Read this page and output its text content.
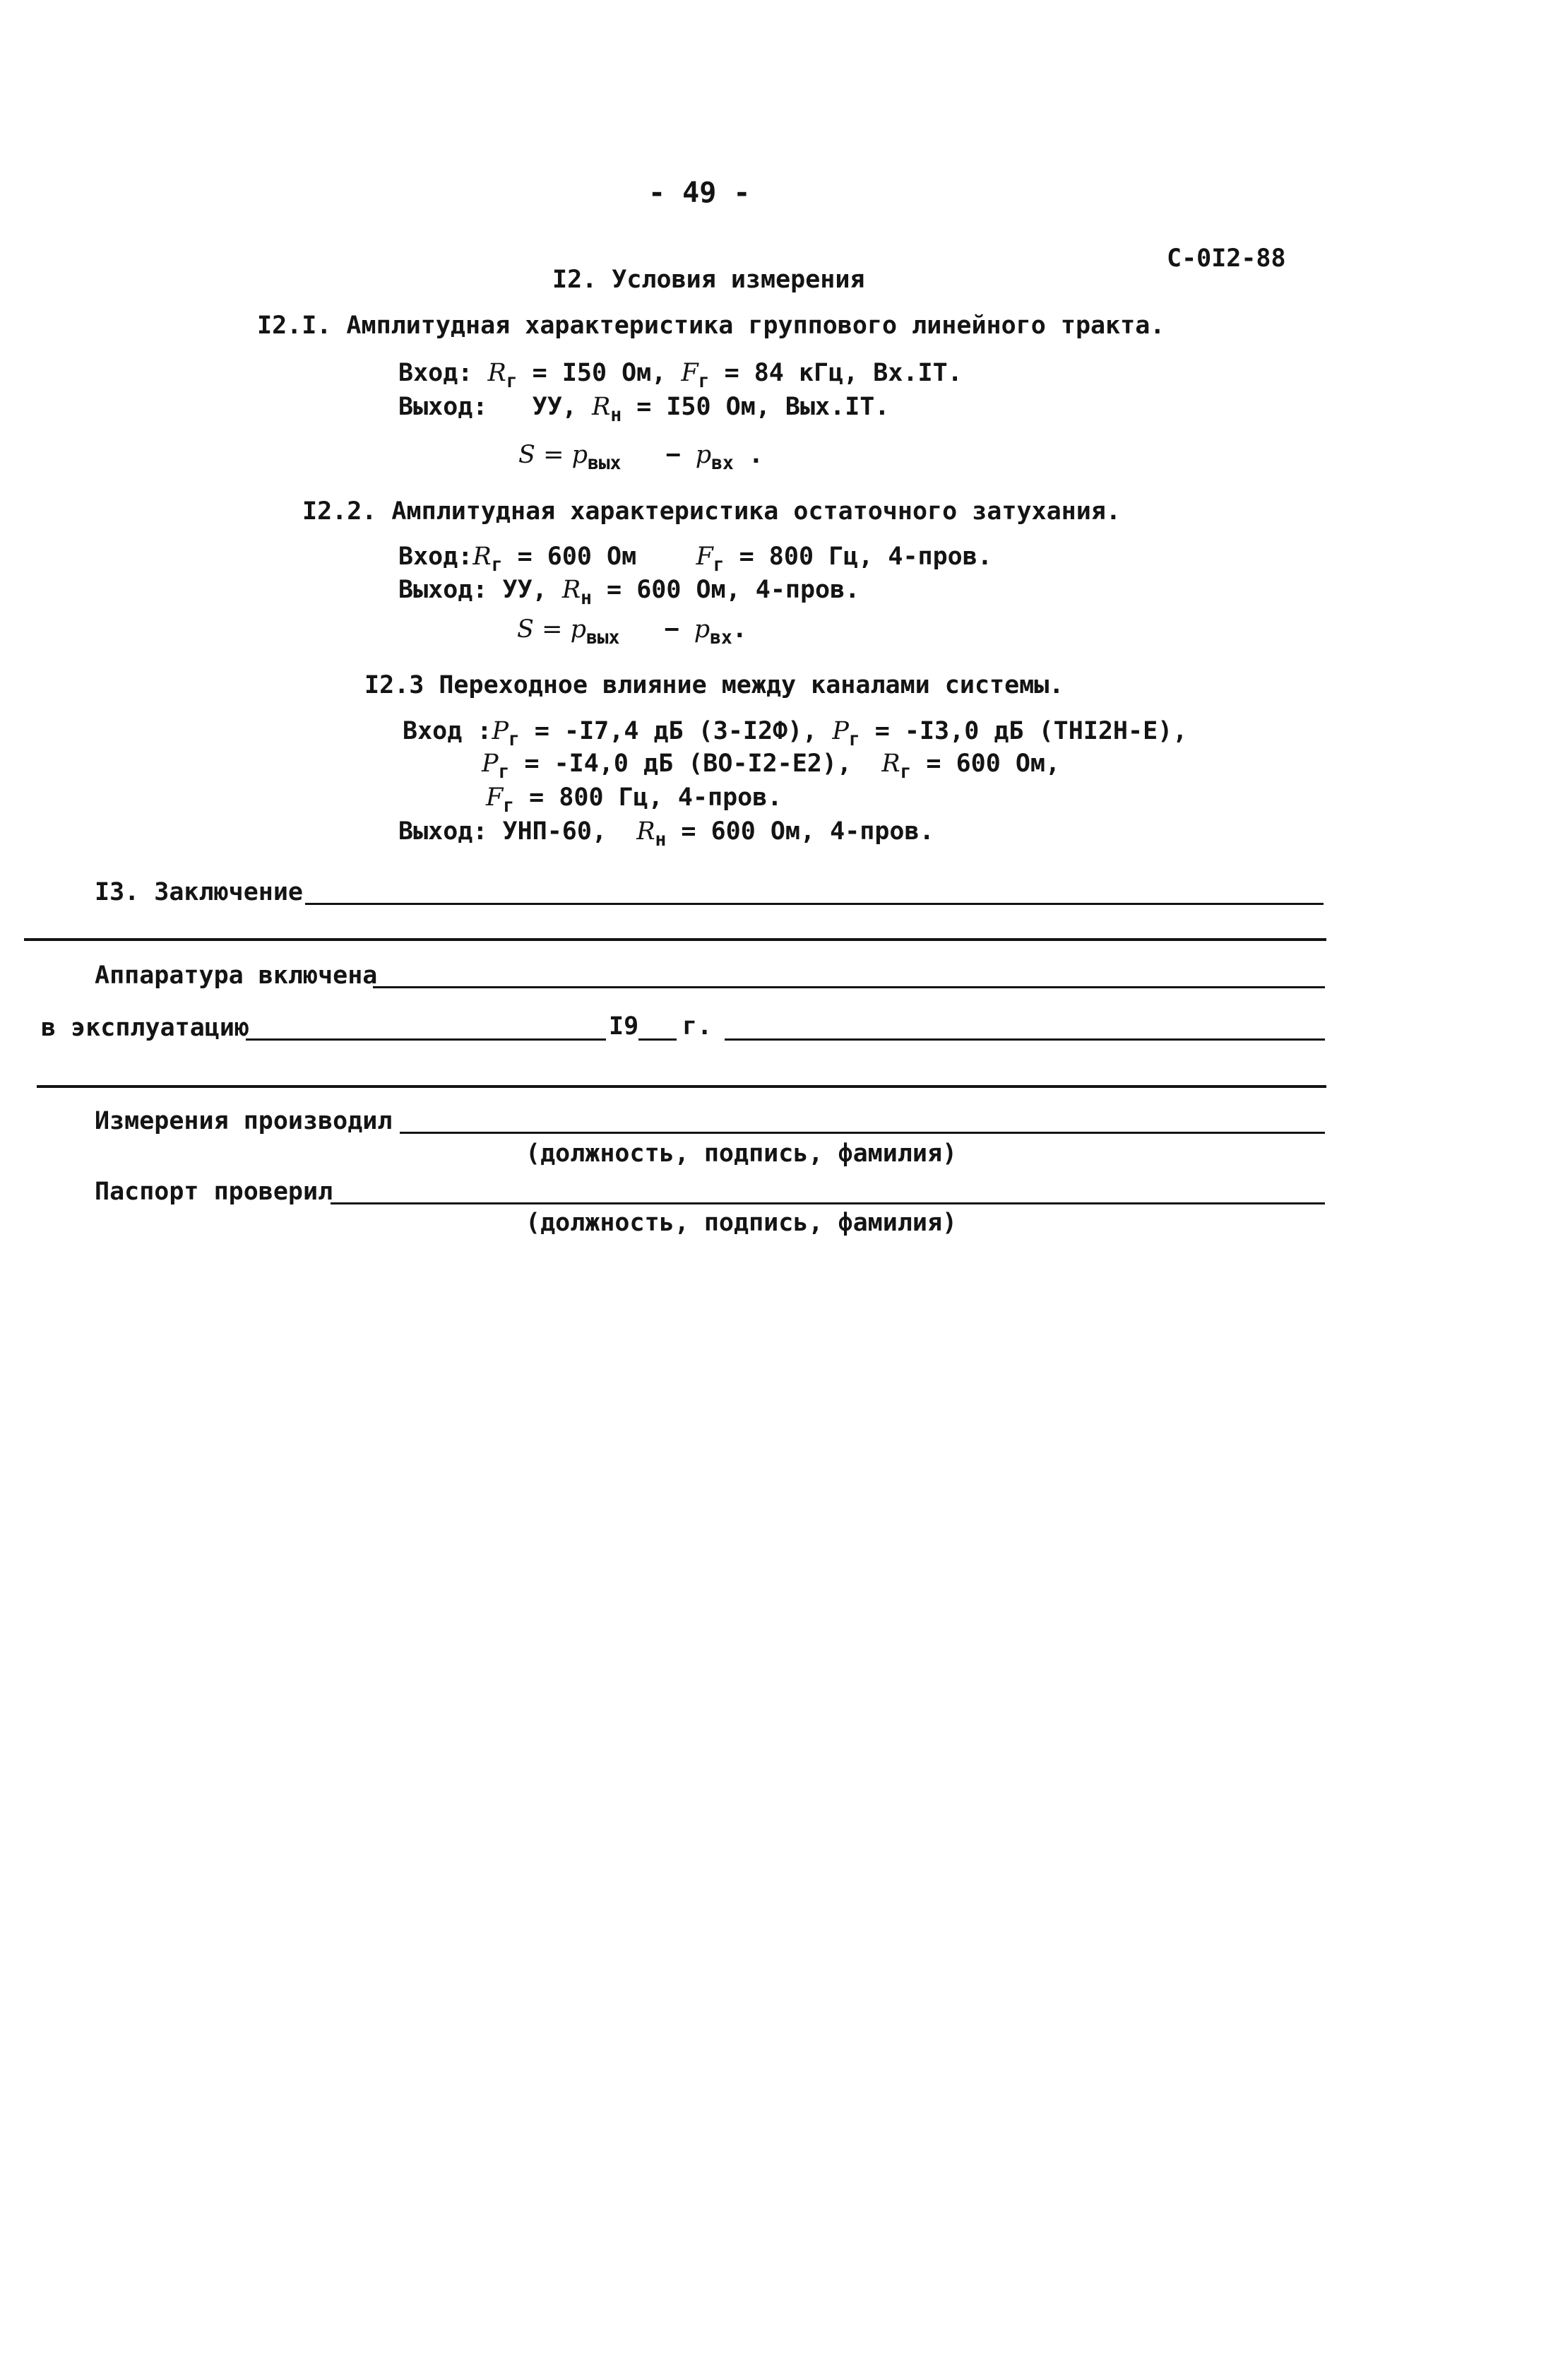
- 49 -
С-0I2-88
I2. Условия измерения
I2.I. Амплитудная характеристика группового линейного тракта.
Вход: $R_г = I50$ Ом, $F_г = 84$ кГц, Вх.IT.
Выход: УУ, $R_н = I50$ Ом, Вых.IT.
$S = p_{вых} - p_{вх}$ .
I2.2. Амплитудная характеристика остаточного затухания.
$Вход:R_г = 600$ Ом $F_г = 800$ Гц, 4-пров.
Выход: УУ, $R_н = 600$ Ом, 4-пров.
$S = p_{вых} - p_{вх}$.
I2.3 Переходное влияние между каналами системы.
Вход $:P_г = -I7,4$ дБ (З-I2Ф), $P_г = -I3,0$ дБ (ТНI2Н-Е),
$P_г = -I4,0$ дБ (ВО-I2-Е2), $R_г = 600$ Ом,
$F_г = 800$ Гц, 4-пров.
Выход: УНП-60, $R_н = 600$ Ом, 4-пров.
I3. Заключение
Аппаратура включена
в эксплуатацию	I9 г.
Измерения производил
(должность, подпись, фамилия)
Паспорт проверил
(должность, подпись, фамилия)
